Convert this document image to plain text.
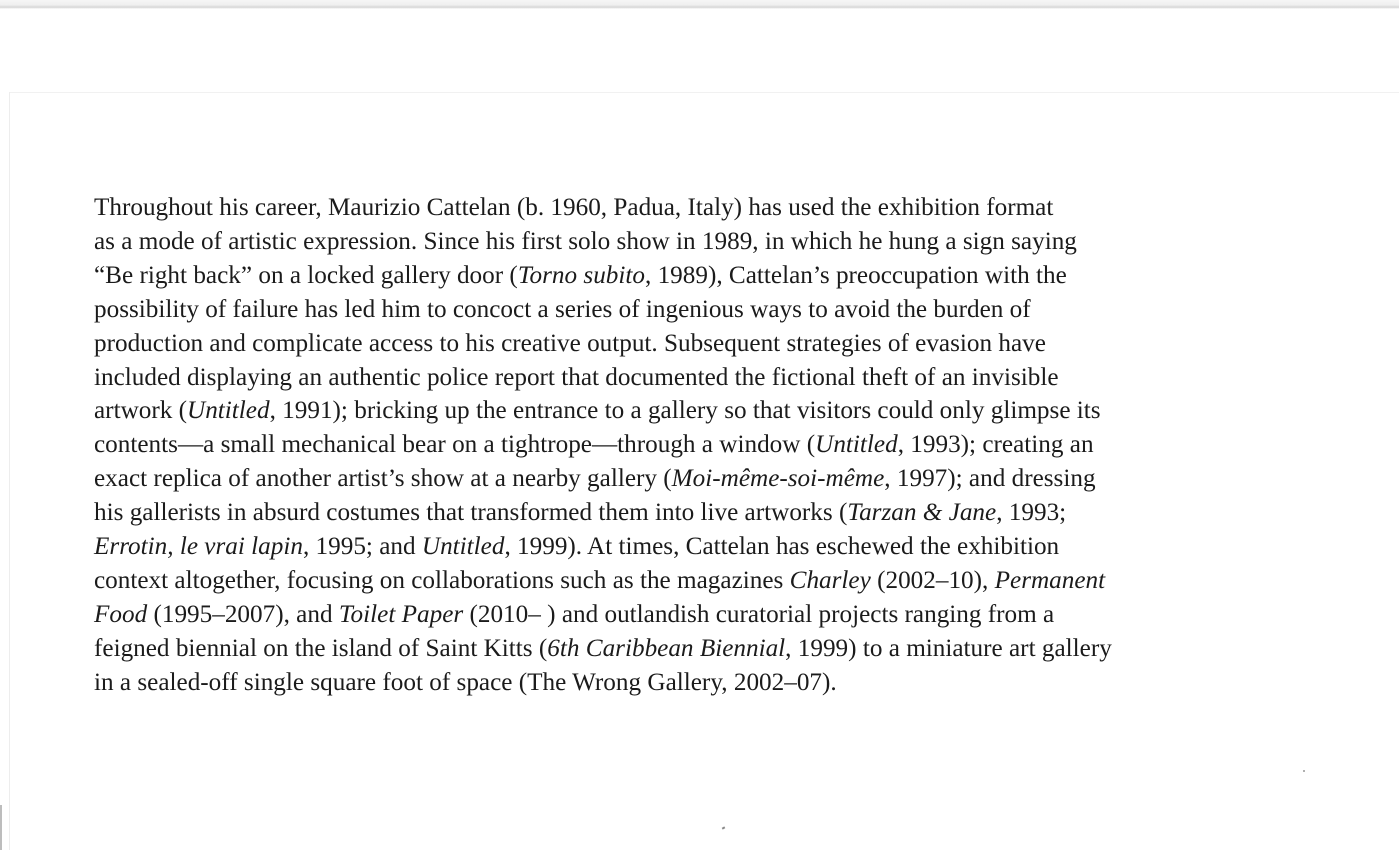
Throughout his career, Maurizio Cattelan (b. 1960, Padua, Italy) has used the exhibition format
as a mode of artistic expression. Since his first solo show in 1989, in which he hung a sign saying
“Be right back” on a locked gallery door (Torno subito, 1989), Cattelan’s preoccupation with the
possibility of failure has led him to concoct a series of ingenious ways to avoid the burden of
production and complicate access to his creative output. Subsequent strategies of evasion have
included displaying an authentic police report that documented the fictional theft of an invisible
artwork (Untitled, 1991); bricking up the entrance to a gallery so that visitors could only glimpse its
contents—a small mechanical bear on a tightrope—through a window (Untitled, 1993); creating an
exact replica of another artist’s show at a nearby gallery (Moi-même-soi-même, 1997); and dressing
his gallerists in absurd costumes that transformed them into live artworks (Tarzan & Jane, 1993;
Errotin, le vrai lapin, 1995; and Untitled, 1999). At times, Cattelan has eschewed the exhibition
context altogether, focusing on collaborations such as the magazines Charley (2002–10), Permanent
Food (1995–2007), and Toilet Paper (2010– ) and outlandish curatorial projects ranging from a
feigned biennial on the island of Saint Kitts (6th Caribbean Biennial, 1999) to a miniature art gallery
in a sealed-off single square foot of space (The Wrong Gallery, 2002–07).
